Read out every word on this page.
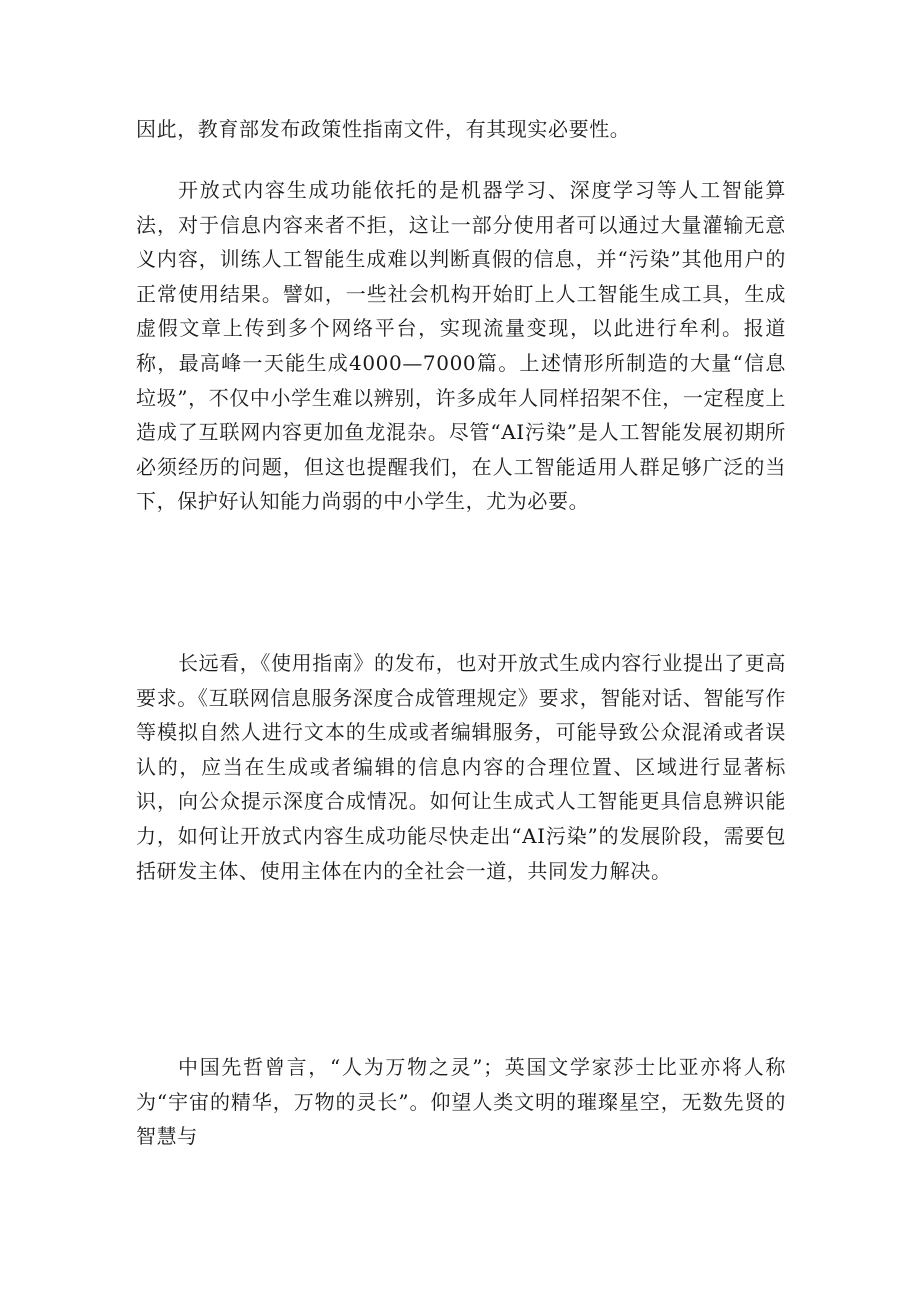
因此，教育部发布政策性指南文件，有其现实必要性。

开放式内容生成功能依托的是机器学习、深度学习等人工智能算法，对于信息内容来者不拒，这让一部分使用者可以通过大量灌输无意义内容，训练人工智能生成难以判断真假的信息，并“污染”其他用户的正常使用结果。譬如，一些社会机构开始盯上人工智能生成工具，生成虚假文章上传到多个网络平台，实现流量变现，以此进行牟利。报道称，最高峰一天能生成4000—7000篇。上述情形所制造的大量“信息垃圾”，不仅中小学生难以辨别，许多成年人同样招架不住，一定程度上造成了互联网内容更加鱼龙混杂。尽管“AI污染”是人工智能发展初期所必须经历的问题，但这也提醒我们，在人工智能适用人群足够广泛的当下，保护好认知能力尚弱的中小学生，尤为必要。

长远看，《使用指南》的发布，也对开放式生成内容行业提出了更高要求。《互联网信息服务深度合成管理规定》要求，智能对话、智能写作等模拟自然人进行文本的生成或者编辑服务，可能导致公众混淆或者误认的，应当在生成或者编辑的信息内容的合理位置、区域进行显著标识，向公众提示深度合成情况。如何让生成式人工智能更具信息辨识能力，如何让开放式内容生成功能尽快走出“AI污染”的发展阶段，需要包括研发主体、使用主体在内的全社会一道，共同发力解决。

中国先哲曾言，“人为万物之灵”；英国文学家莎士比亚亦将人称为“宇宙的精华，万物的灵长”。仰望人类文明的璀璨星空，无数先贤的智慧与
